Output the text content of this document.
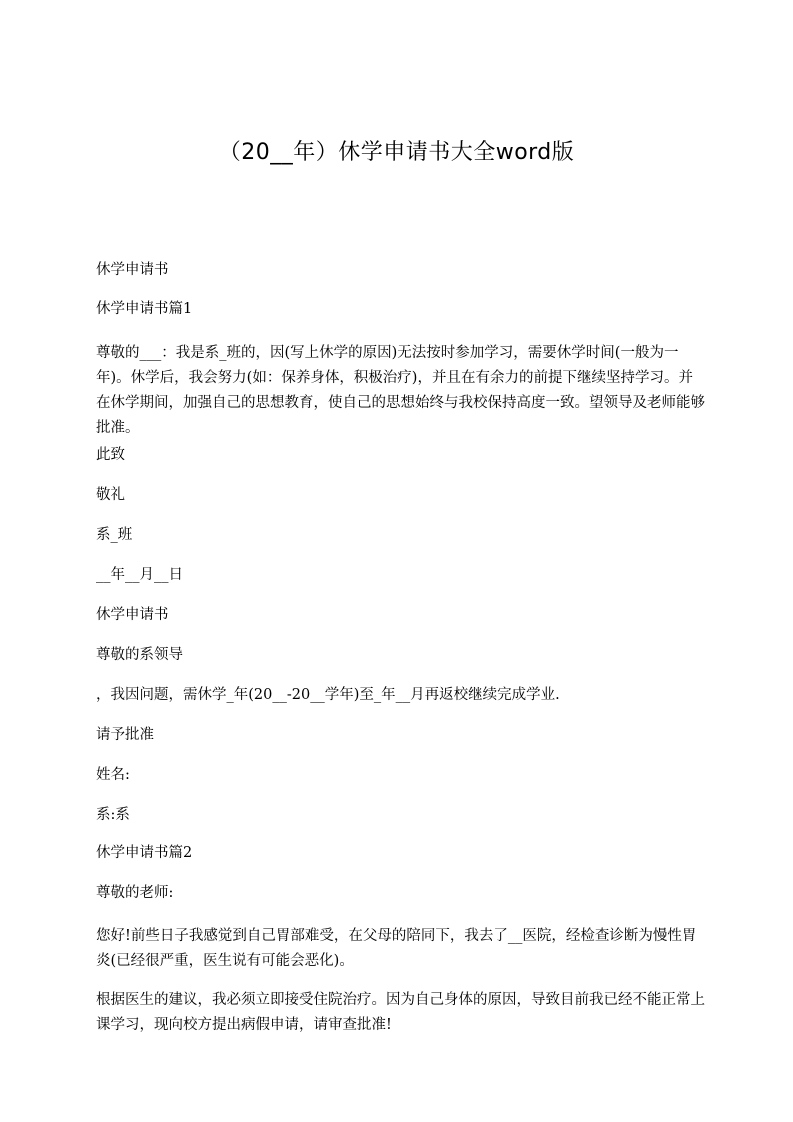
（20__年）休学申请书大全word版
休学申请书
休学申请书篇1
尊敬的___：我是系_班的，因(写上休学的原因)无法按时参加学习，需要休学时间(一般为一年)。休学后，我会努力(如：保养身体，积极治疗)，并且在有余力的前提下继续坚持学习。并在休学期间，加强自己的思想教育，使自己的思想始终与我校保持高度一致。望领导及老师能够批准。
此致
敬礼
系_班
__年__月__日
休学申请书
尊敬的系领导
，我因问题，需休学_年(20__-20__学年)至_年__月再返校继续完成学业.
请予批准
姓名:
系:系
休学申请书篇2
尊敬的老师:
您好!前些日子我感觉到自己胃部难受，在父母的陪同下，我去了__医院，经检查诊断为慢性胃炎(已经很严重，医生说有可能会恶化)。
根据医生的建议，我必须立即接受住院治疗。因为自己身体的原因，导致目前我已经不能正常上课学习，现向校方提出病假申请，请审查批准!
